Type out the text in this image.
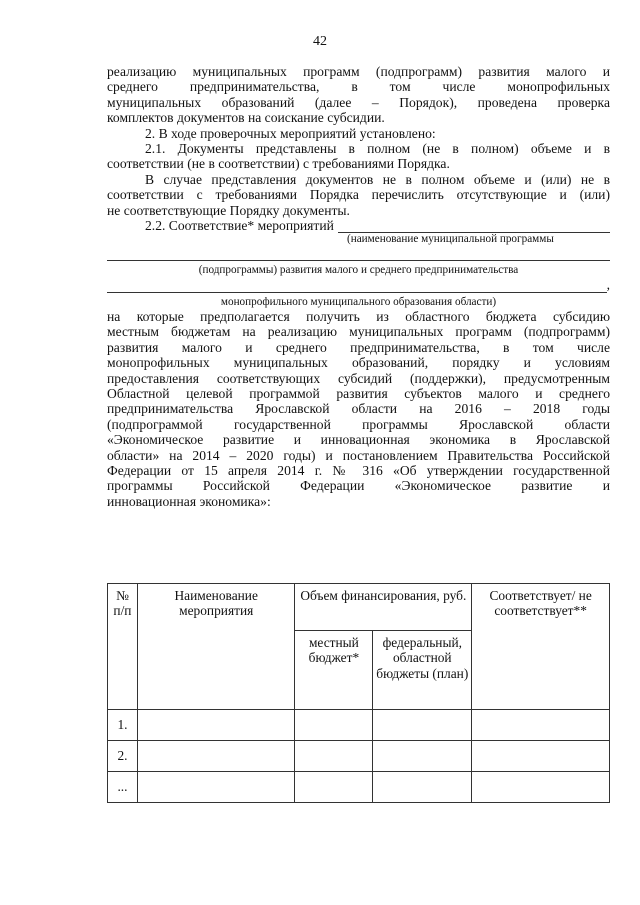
42

реализацию муниципальных программ (подпрограмм) развития малого и

среднего предпринимательства, в том числе монопрофильных

муниципальных образований (далее – Порядок), проведена проверка

комплектов документов на соискание субсидии.

2. В ходе проверочных мероприятий установлено:

2.1. Документы представлены в полном (не в полном) объеме и в

соответствии (не в соответствии) с требованиями Порядка.

В случае представления документов не в полном объеме и (или) не в

соответствии с требованиями Порядка перечислить отсутствующие и (или)

не соответствующие Порядку документы.

2.2. Соответствие* мероприятий
(наименование муниципальной программы
(подпрограммы) развития малого и среднего предпринимательства
,
монопрофильного муниципального образования области)

на которые предполагается получить из областного бюджета субсидию

местным бюджетам на реализацию муниципальных программ (подпрограмм)

развития малого и среднего предпринимательства, в том числе

монопрофильных муниципальных образований, порядку и условиям

предоставления соответствующих субсидий (поддержки), предусмотренным

Областной целевой программой развития субъектов малого и среднего

предпринимательства Ярославской области на 2016 – 2018 годы

(подпрограммой государственной программы Ярославской области

«Экономическое развитие и инновационная экономика в Ярославской

области» на 2014 – 2020 годы) и постановлением Правительства Российской

Федерации от 15 апреля 2014 г. № 316 «Об утверждении государственной

программы Российской Федерации «Экономическое развитие и

инновационная экономика»:

№ п/п	Наименование мероприятия	Объем финансирования, руб.		Соответствует/ не соответствует**
		местный бюджет*	федеральный, областной бюджеты (план)	
1.				
2.				
...				
